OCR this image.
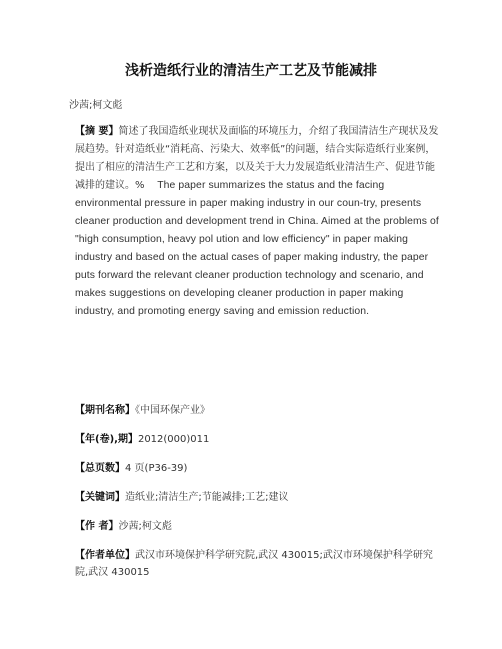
浅析造纸行业的清洁生产工艺及节能减排
沙茜;柯文彪
【摘 要】简述了我国造纸业现状及面临的环境压力，介绍了我国清洁生产现状及发展趋势。针对造纸业“消耗高、污染大、效率低”的问题，结合实际造纸行业案例，提出了相应的清洁生产工艺和方案，以及关于大力发展造纸业清洁生产、促进节能减排的建议。% The paper summarizes the status and the facing environmental pressure in paper making industry in our coun-try, presents cleaner production and development trend in China. Aimed at the problems of "high consumption, heavy pol ution and low efficiency" in paper making industry and based on the actual cases of paper making industry, the paper puts forward the relevant cleaner production technology and scenario, and makes suggestions on developing cleaner production in paper making industry, and promoting energy saving and emission reduction.
【期刊名称】《中国环保产业》
【年(卷),期】2012(000)011
【总页数】4 页(P36-39)
【关键词】造纸业;清洁生产;节能减排;工艺;建议
【作 者】沙茜;柯文彪
【作者单位】武汉市环境保护科学研究院,武汉 430015;武汉市环境保护科学研究院,武汉 430015
